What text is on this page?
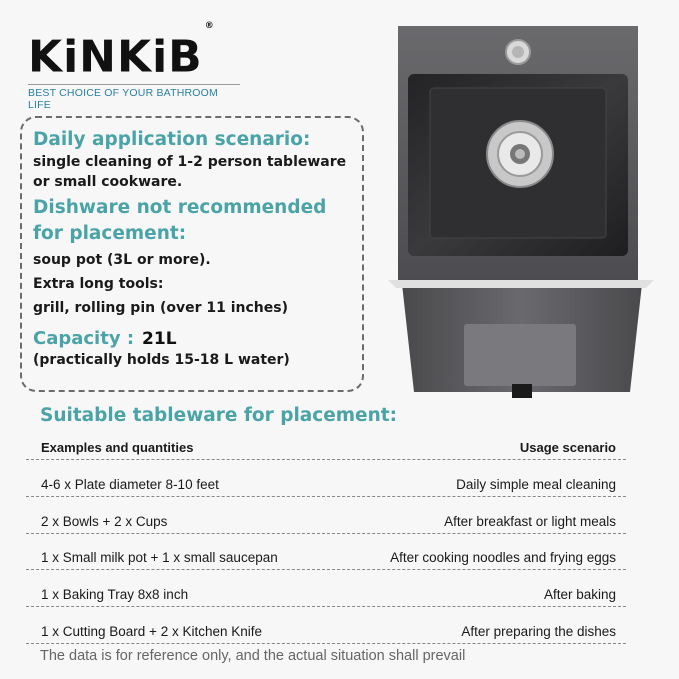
KiNKiB®
BEST CHOICE OF YOUR BATHROOM LIFE
Daily application scenario:
single cleaning of 1-2 person tableware
or small cookware.
Dishware not recommended
for placement:
soup pot (3L or more).
Extra long tools:
grill, rolling pin (over 11 inches)
Capacity : 21L
(practically holds 15-18 L water)
Suitable tableware for placement:
Examples and quantities	Usage scenario
4-6 x Plate diameter 8-10 feet	Daily simple meal cleaning
2 x Bowls + 2 x Cups	After breakfast or light meals
1 x Small milk pot + 1 x small saucepan	After cooking noodles and frying eggs
1 x Baking Tray 8x8 inch	After baking
1 x Cutting Board + 2 x Kitchen Knife	After preparing the dishes
The data is for reference only, and the actual situation shall prevail
